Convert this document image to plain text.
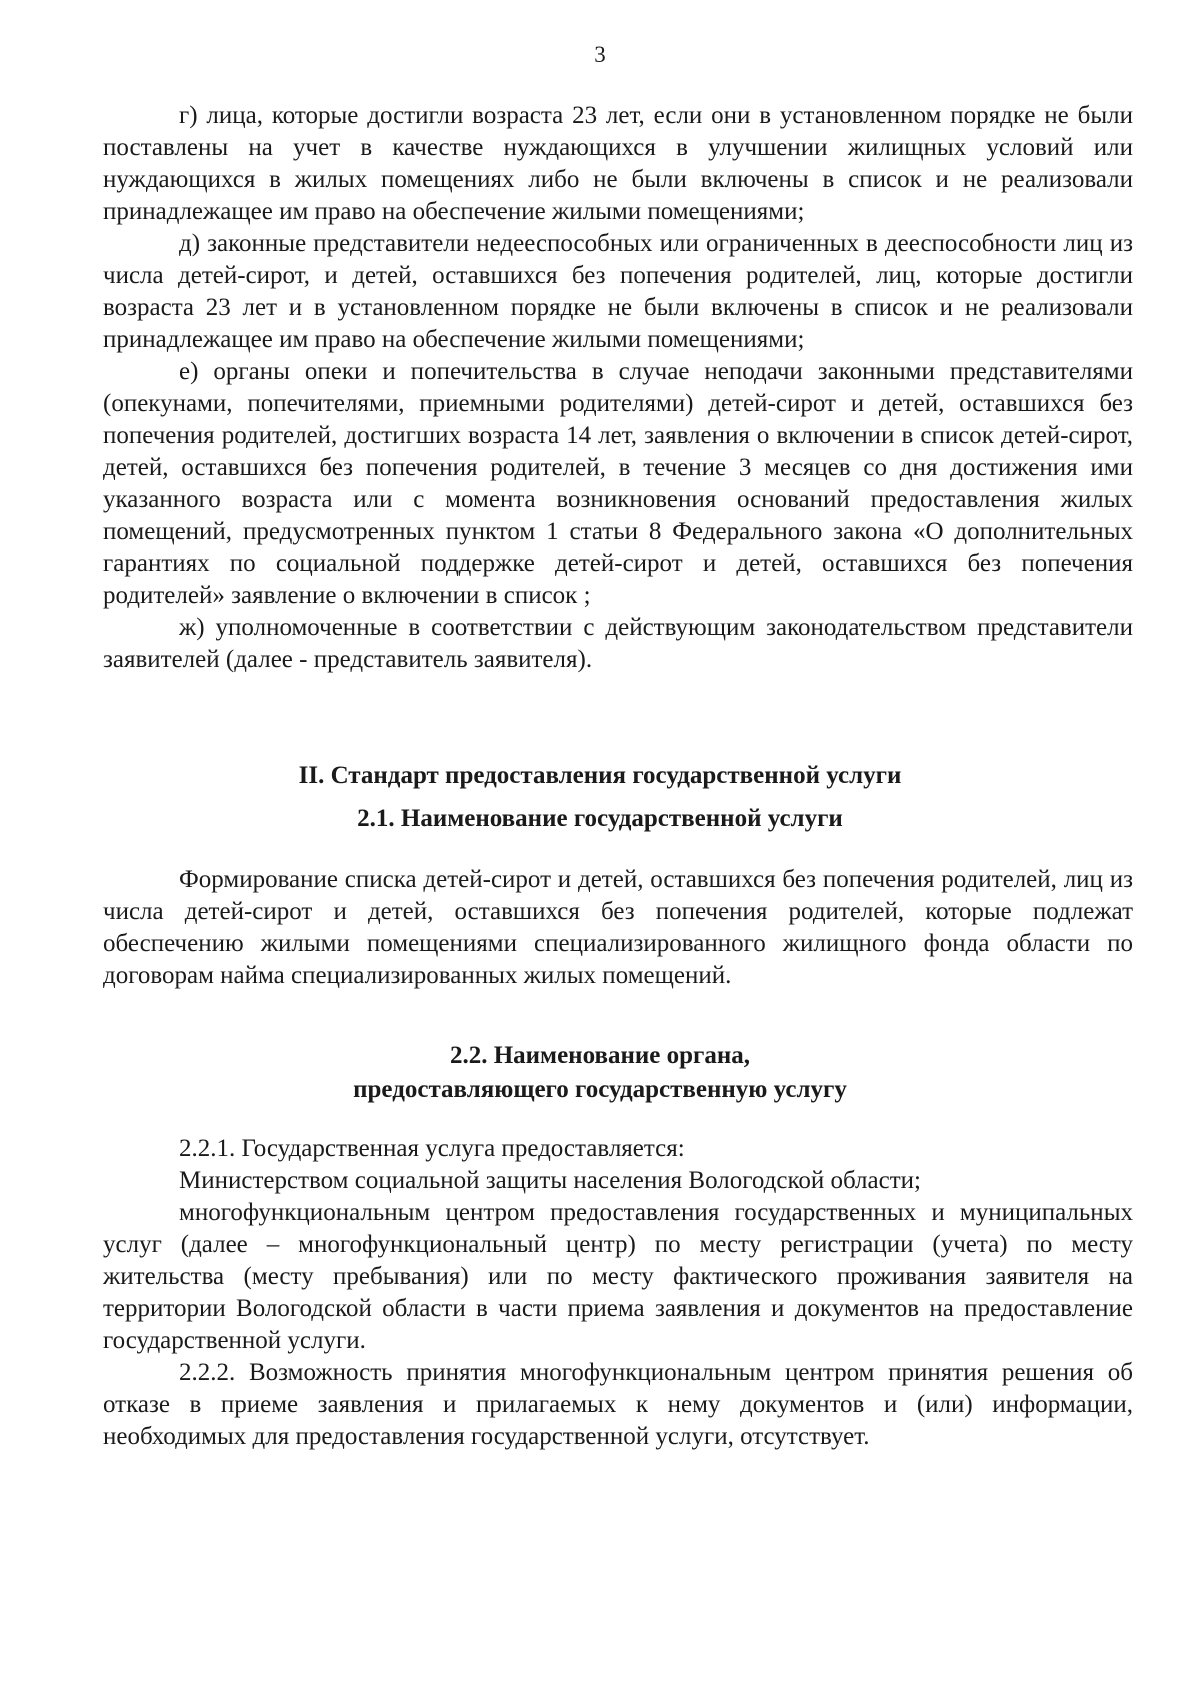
3

г) лица, которые достигли возраста 23 лет, если они в установленном порядке не были поставлены на учет в качестве нуждающихся в улучшении жилищных условий или нуждающихся в жилых помещениях либо не были включены в список и не реализовали принадлежащее им право на обеспечение жилыми помещениями;

д) законные представители недееспособных или ограниченных в дееспособности лиц из числа детей-сирот, и детей, оставшихся без попечения родителей, лиц, которые достигли возраста 23 лет и в установленном порядке не были включены в список и не реализовали принадлежащее им право на обеспечение жилыми помещениями;

е) органы опеки и попечительства в случае неподачи законными представителями (опекунами, попечителями, приемными родителями) детей-сирот и детей, оставшихся без попечения родителей, достигших возраста 14 лет, заявления о включении в список детей-сирот, детей, оставшихся без попечения родителей, в течение 3 месяцев со дня достижения ими указанного возраста или с момента возникновения оснований предоставления жилых помещений, предусмотренных пунктом 1 статьи 8 Федерального закона «О дополнительных гарантиях по социальной поддержке детей-сирот и детей, оставшихся без попечения родителей» заявление о включении в список ;

ж) уполномоченные в соответствии с действующим законодательством представители заявителей (далее - представитель заявителя).

II. Стандарт предоставления государственной услуги
2.1. Наименование государственной услуги

Формирование списка детей-сирот и детей, оставшихся без попечения родителей, лиц из числа детей-сирот и детей, оставшихся без попечения родителей, которые подлежат обеспечению жилыми помещениями специализированного жилищного фонда области по договорам найма специализированных жилых помещений.

2.2. Наименование органа,
предоставляющего государственную услугу

2.2.1. Государственная услуга предоставляется:

Министерством социальной защиты населения Вологодской области;

многофункциональным центром предоставления государственных и муниципальных услуг (далее – многофункциональный центр) по месту регистрации (учета) по месту жительства (месту пребывания) или по месту фактического проживания заявителя на территории Вологодской области в части приема заявления и документов на предоставление государственной услуги.

2.2.2. Возможность принятия многофункциональным центром принятия решения об отказе в приеме заявления и прилагаемых к нему документов и (или) информации, необходимых для предоставления государственной услуги, отсутствует.
